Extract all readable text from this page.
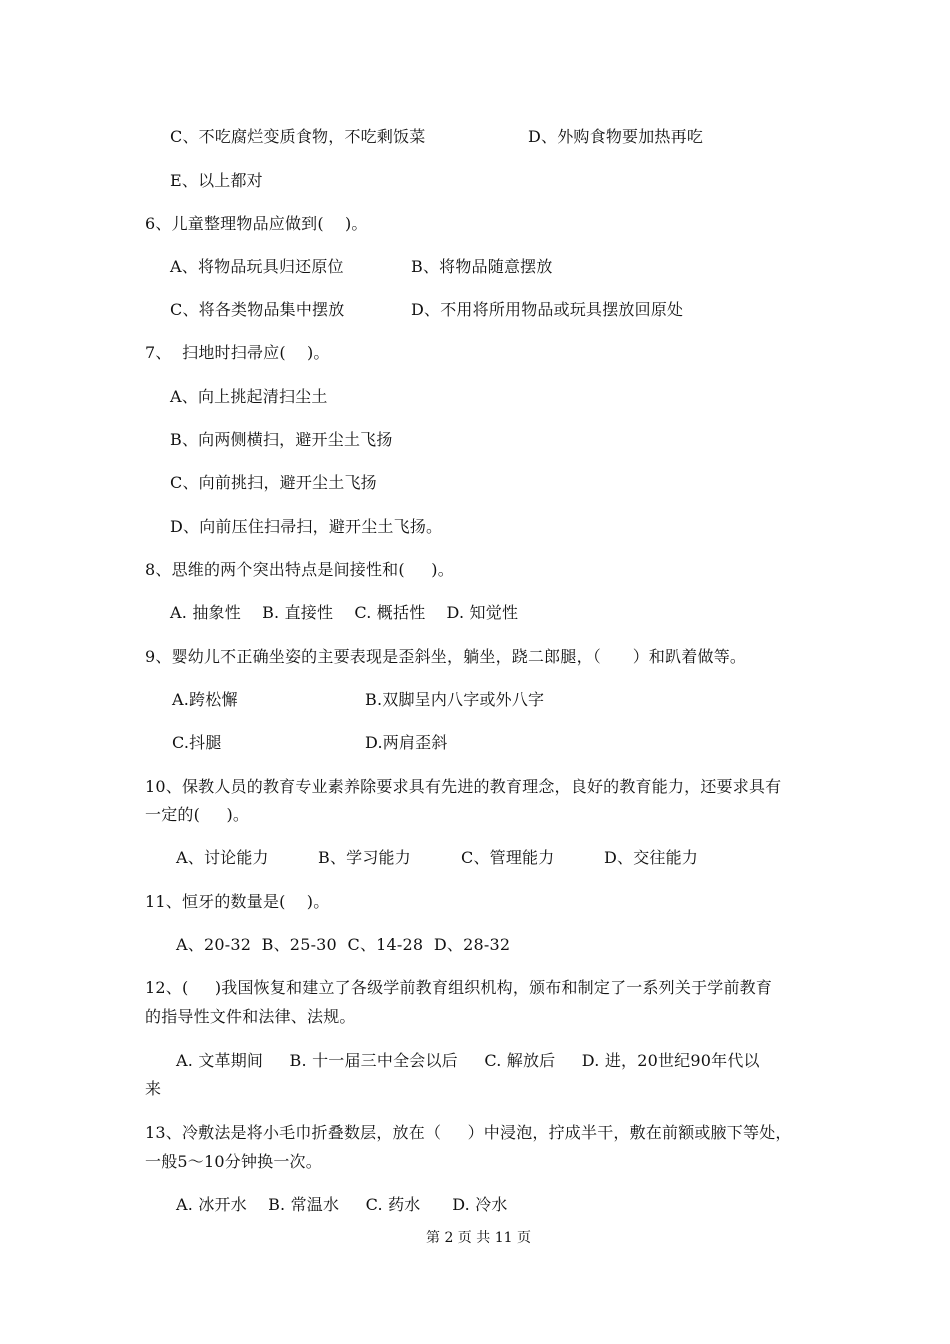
C、不吃腐烂变质食物，不吃剩饭菜	D、外购食物要加热再吃
E、以上都对
6、儿童整理物品应做到(    )。
A、将物品玩具归还原位	B、将物品随意摆放
C、将各类物品集中摆放	D、不用将所用物品或玩具摆放回原处
7、  扫地时扫帚应(    )。
A、向上挑起清扫尘土
B、向两侧横扫，避开尘土飞扬
C、向前挑扫，避开尘土飞扬
D、向前压住扫帚扫，避开尘土飞扬。
8、思维的两个突出特点是间接性和(     )。
A. 抽象性    B. 直接性    C. 概括性    D. 知觉性
9、婴幼儿不正确坐姿的主要表现是歪斜坐，躺坐，跷二郎腿，（      ）和趴着做等。
A.跨松懈	B.双脚呈内八字或外八字
C.抖腿	D.两肩歪斜
10、保教人员的教育专业素养除要求具有先进的教育理念，良好的教育能力，还要求具有
一定的(     )。
A、讨论能力	B、学习能力	C、管理能力	D、交往能力
11、恒牙的数量是(    )。
A、20-32  B、25-30  C、14-28  D、28-32
12、(     )我国恢复和建立了各级学前教育组织机构，颁布和制定了一系列关于学前教育
的指导性文件和法律、法规。
A. 文革期间     B. 十一届三中全会以后     C. 解放后     D. 进，20世纪90年代以
来
13、冷敷法是将小毛巾折叠数层，放在（     ）中浸泡，拧成半干，敷在前额或腋下等处，
一般5～10分钟换一次。
A. 冰开水    B. 常温水     C. 药水      D. 冷水
第 2 页 共 11 页
